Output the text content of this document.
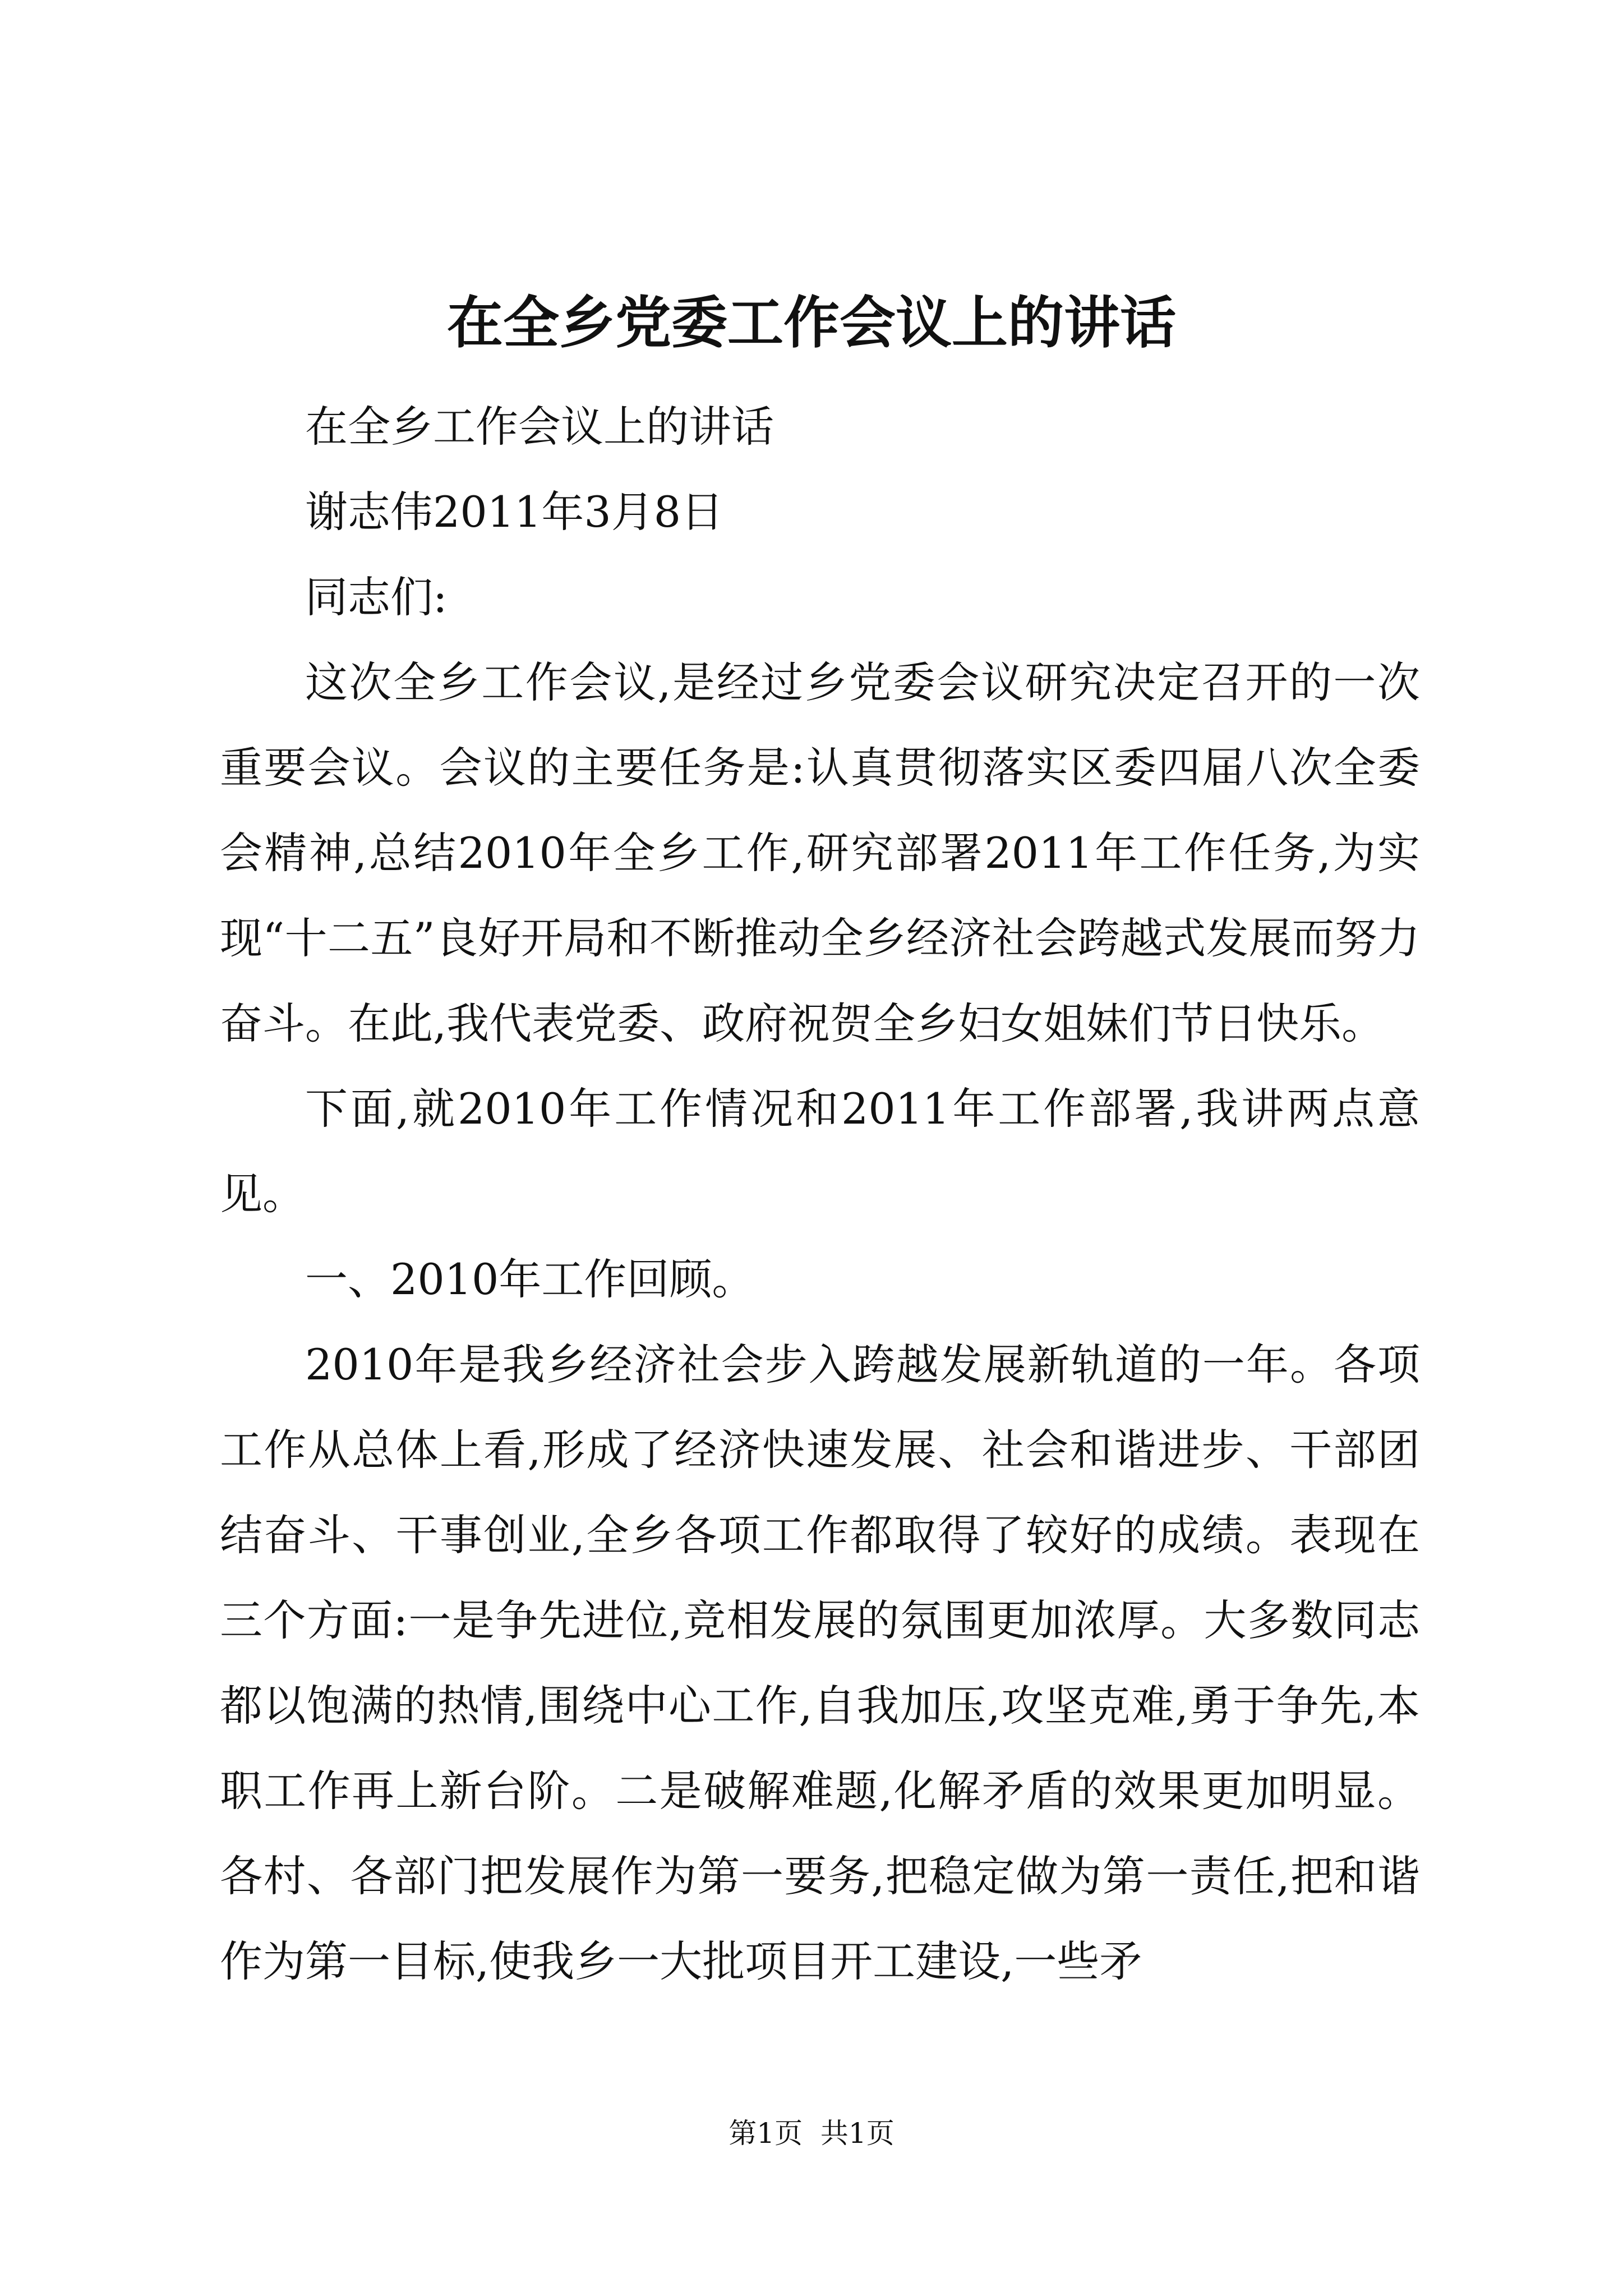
在全乡党委工作会议上的讲话

在全乡工作会议上的讲话

谢志伟2011年3月8日

同志们:

这次全乡工作会议,是经过乡党委会议研究决定召开的一次重要会议。会议的主要任务是:认真贯彻落实区委四届八次全委会精神,总结2010年全乡工作,研究部署2011年工作任务,为实现“十二五”良好开局和不断推动全乡经济社会跨越式发展而努力奋斗。在此,我代表党委、政府祝贺全乡妇女姐妹们节日快乐。

下面,就2010年工作情况和2011年工作部署,我讲两点意见。

一、2010年工作回顾。

2010年是我乡经济社会步入跨越发展新轨道的一年。各项工作从总体上看,形成了经济快速发展、社会和谐进步、干部团结奋斗、干事创业,全乡各项工作都取得了较好的成绩。表现在三个方面:一是争先进位,竞相发展的氛围更加浓厚。大多数同志都以饱满的热情,围绕中心工作,自我加压,攻坚克难,勇于争先,本职工作再上新台阶。二是破解难题,化解矛盾的效果更加明显。各村、各部门把发展作为第一要务,把稳定做为第一责任,把和谐作为第一目标,使我乡一大批项目开工建设,一些矛

第1页  共1页
